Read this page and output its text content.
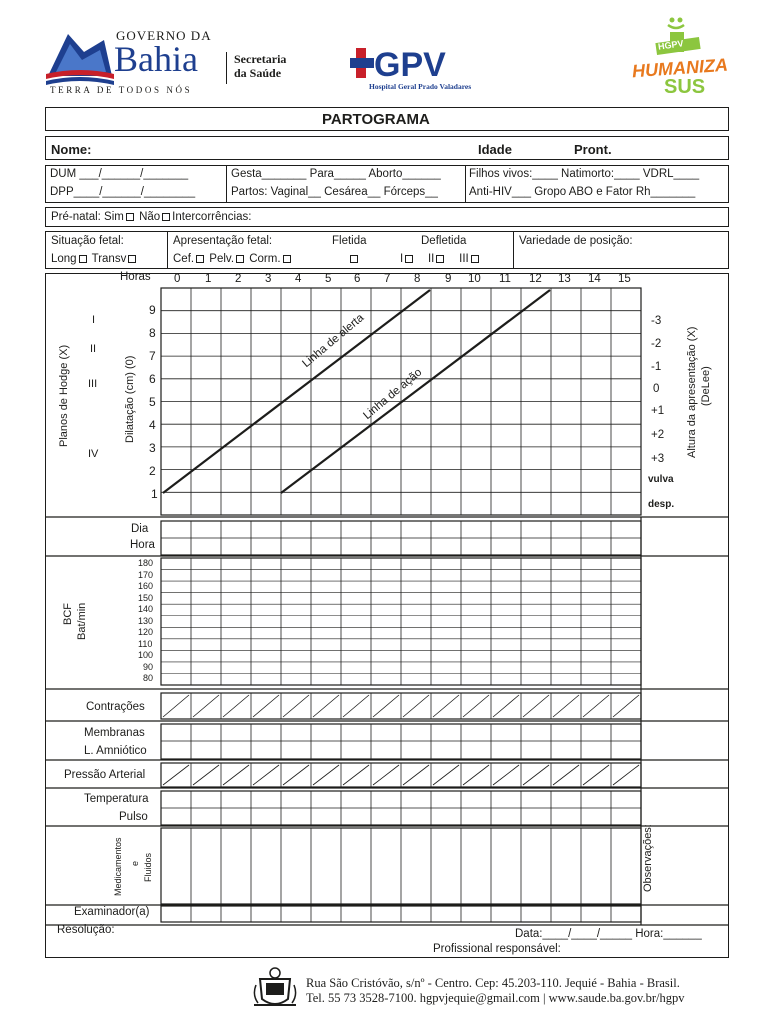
GOVERNO DA
Bahia
TERRA DE TODOS NÓS
Secretaria
da Saúde	GPV
Hospital Geral Prado Valadares
HGPV
HUMANIZA
SUS
PARTOGRAMA
Nome:	Idade	Pront.
DUM ___/______/_______
DPP____/______/________
Gesta_______ Para_____ Aborto______
Partos: Vaginal__ Cesárea__ Fórceps__
Filhos vivos:____ Natimorto:____ VDRL____
Anti-HIV___ Gropo ABO e Fator Rh_______
Pré-natal: Sim Não Intercorrências:
Situação fetal:
Long Transv
Apresentação fetal:
Cef. Pelv. Corm.
Fletida	Defletida
I II III
Variedade de posição:
Horas 0 1 2 3 4 5 6 7 8 9 10 11 12 13 14 15
9
8
7
6
5
4
3
2
1
I
II
III
IV
Planos de Hodge (X)	Dilatação (cm) (0)
Linha de alerta
Linha de ação
-3
-2
-1
0
+1
+2
+3
vulva
desp.
Altura da apresentação (X) (DeLee)
Dia
Hora
BCF Bat/min
180
170
160
150
140
130
120
110
100
90
80
Contrações
Membranas
L. Amniótico
Pressão Arterial
Temperatura
Pulso
Medicamentos e Fluidos	Observações:
Examinador(a)
Resolução:	Data:____/____/_____ Hora:______
Profissional responsável:
Rua São Cristóvão, s/nº - Centro. Cep: 45.203-110. Jequié - Bahia - Brasil.
Tel. 55 73 3528-7100. hgpvjequie@gmail.com | www.saude.ba.gov.br/hgpv
